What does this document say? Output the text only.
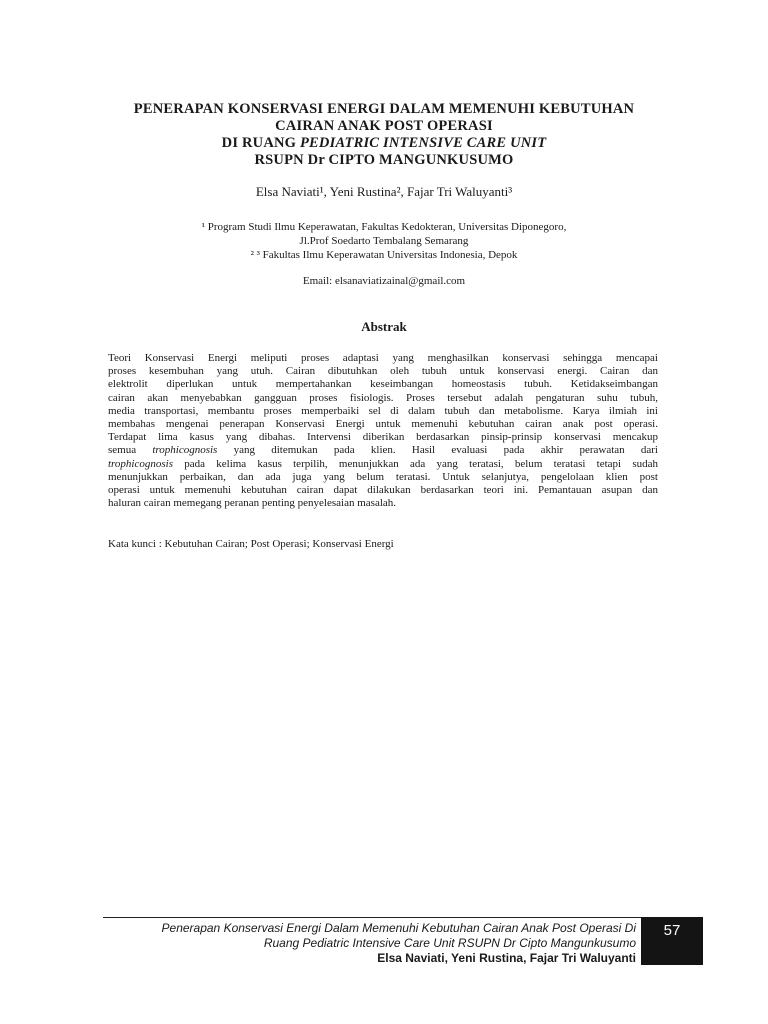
PENERAPAN KONSERVASI ENERGI DALAM MEMENUHI KEBUTUHAN
CAIRAN ANAK POST OPERASI
DI RUANG PEDIATRIC INTENSIVE CARE UNIT
RSUPN Dr CIPTO MANGUNKUSUMO
Elsa Naviati¹, Yeni Rustina², Fajar Tri Waluyanti³
¹ Program Studi Ilmu Keperawatan, Fakultas Kedokteran, Universitas Diponegoro,
Jl.Prof Soedarto Tembalang Semarang
² ³ Fakultas Ilmu Keperawatan Universitas Indonesia, Depok
Email: elsanaviatizainal@gmail.com
Abstrak
Teori Konservasi Energi meliputi proses adaptasi yang menghasilkan konservasi sehingga mencapai
proses kesembuhan yang utuh. Cairan dibutuhkan oleh tubuh untuk konservasi energi. Cairan dan
elektrolit diperlukan untuk mempertahankan keseimbangan homeostasis tubuh. Ketidakseimbangan
cairan akan menyebabkan gangguan proses fisiologis. Proses tersebut adalah pengaturan suhu tubuh,
media transportasi, membantu proses memperbaiki sel di dalam tubuh dan metabolisme. Karya ilmiah ini
membahas mengenai penerapan Konservasi Energi untuk memenuhi kebutuhan cairan anak post operasi.
Terdapat lima kasus yang dibahas. Intervensi diberikan berdasarkan pinsip-prinsip konservasi mencakup
semua trophicognosis yang ditemukan pada klien. Hasil evaluasi pada akhir perawatan dari
trophicognosis pada kelima kasus terpilih, menunjukkan ada yang teratasi, belum teratasi tetapi sudah
menunjukkan perbaikan, dan ada juga yang belum teratasi. Untuk selanjutya, pengelolaan klien post
operasi untuk memenuhi kebutuhan cairan dapat dilakukan berdasarkan teori ini. Pemantauan asupan dan
haluran cairan memegang peranan penting penyelesaian masalah.
Kata kunci : Kebutuhan Cairan; Post Operasi; Konservasi Energi
Penerapan Konservasi Energi Dalam Memenuhi Kebutuhan Cairan Anak Post Operasi Di
Ruang Pediatric Intensive Care Unit RSUPN Dr Cipto Mangunkusumo
Elsa Naviati, Yeni Rustina, Fajar Tri Waluyanti
57
